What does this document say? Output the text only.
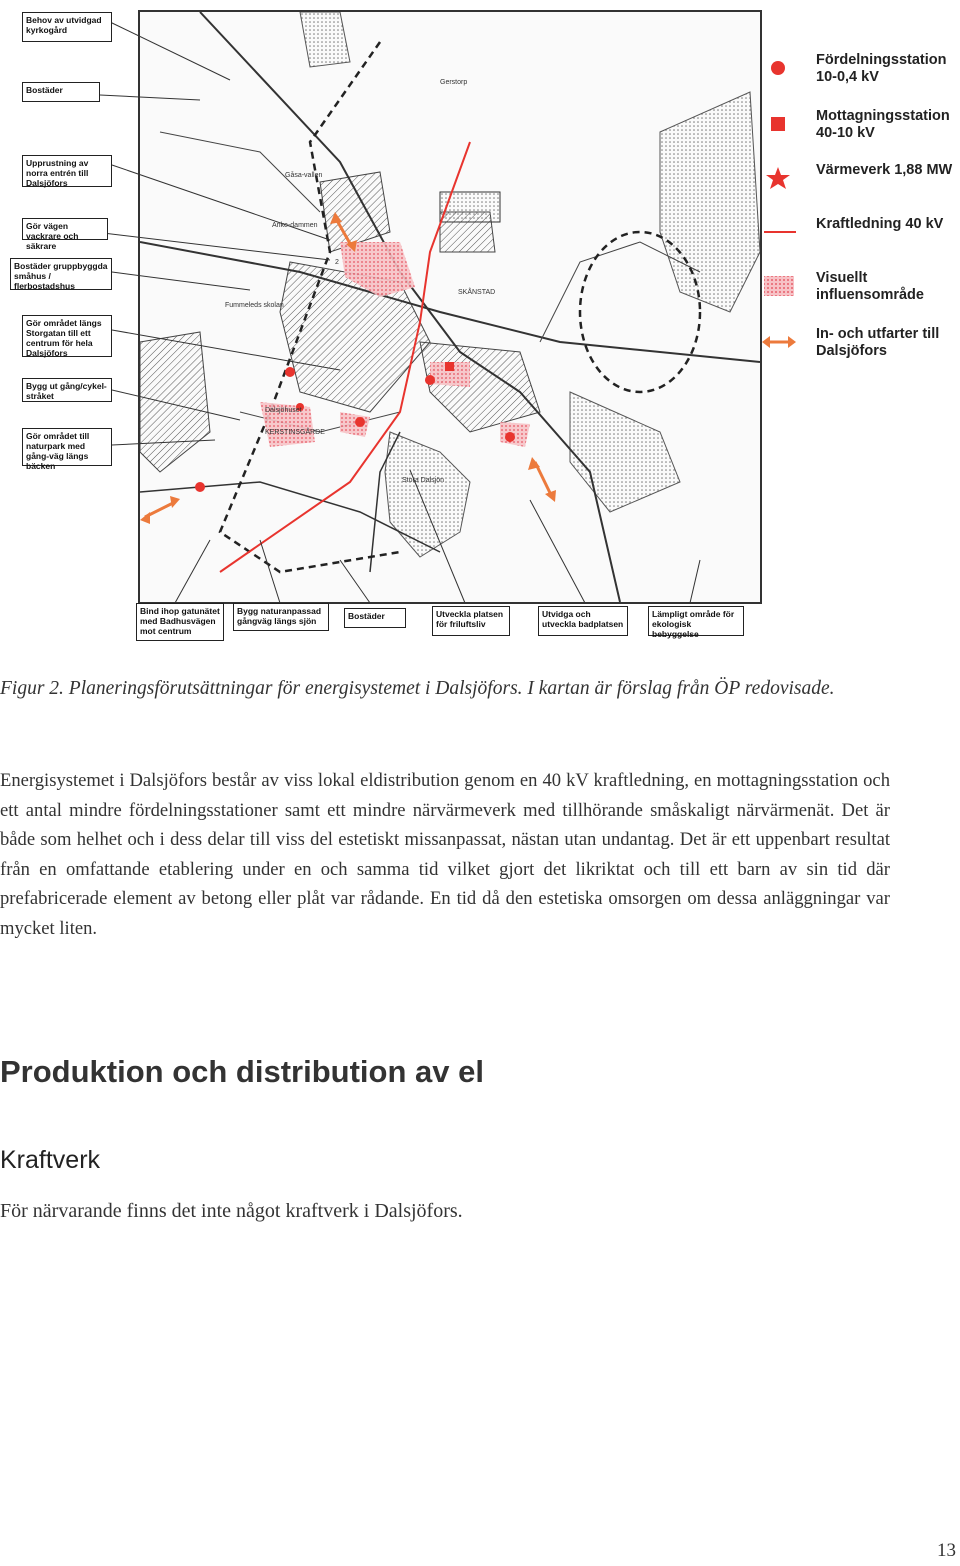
Gerstorp
Gåsa-vallen
Anke-dammen
SKÅNSTAD
Fummeleds skolan
Dalsjöhuset
KERSTINSGÅRDE
Stora Dalsjön
2
Behov av utvidgad kyrkogård
Bostäder
Upprustning av norra entrén till Dalsjöfors
Gör vägen vackrare och säkrare
Bostäder gruppbyggda småhus / flerbostadshus
Gör området längs Storgatan till ett centrum för hela Dalsjöfors
Bygg ut gång/cykel-stråket
Gör området till naturpark med gång-väg längs bäcken
Bind ihop gatunätet med Badhusvägen mot centrum
Bygg naturanpassad gångväg längs sjön	Bostäder	Utveckla platsen för friluftsliv
Utvidga och utveckla badplatsen
Lämpligt område för ekologisk bebyggelse
Fördelningsstation 10-0,4 kV
Mottagningsstation 40-10 kV
Värmeverk 1,88 MW
Kraftledning 40 kV
Visuellt influensområde
In- och utfarter till Dalsjöfors
Figur 2. Planeringsförutsättningar för energisystemet i Dalsjöfors. I kartan är förslag från ÖP redovisade.
Energisystemet i Dalsjöfors består av viss lokal eldistribution genom en 40 kV kraftledning, en mottagningsstation och ett antal mindre fördelningsstationer samt ett mindre närvärmeverk med tillhörande småskaligt närvärmenät. Det är både som helhet och i dess delar till viss del estetiskt missanpassat, nästan utan undantag. Det är ett uppenbart resultat från en omfattande etablering under en och samma tid vilket gjort det likriktat och till ett barn av sin tid där prefabricerade element av betong eller plåt var rådande. En tid då den estetiska omsorgen om dessa anläggningar var mycket liten.
Produktion och distribution av el
Kraftverk
För närvarande finns det inte något kraftverk i Dalsjöfors.
13
